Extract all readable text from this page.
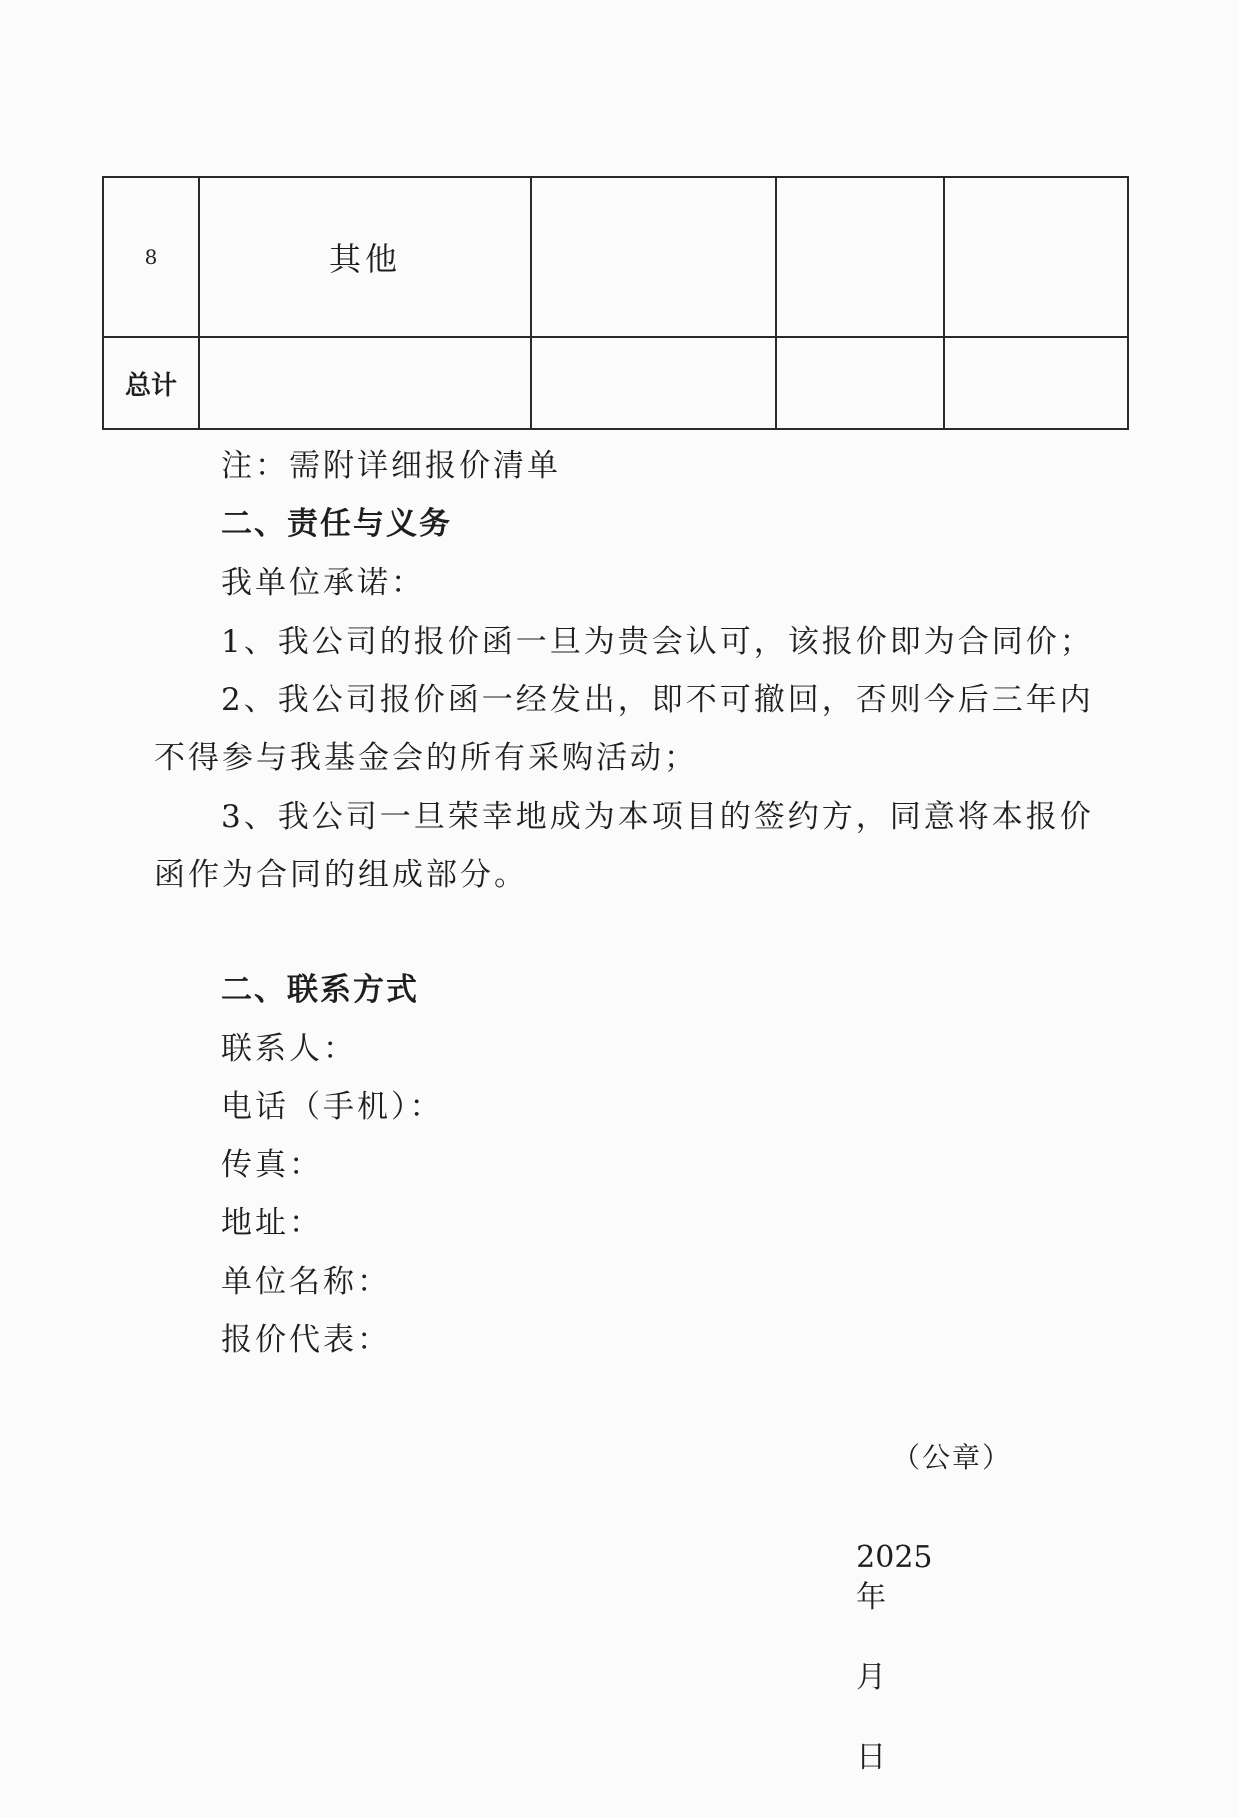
8	其他			
总计				
注：需附详细报价清单
二、责任与义务
我单位承诺：
1、我公司的报价函一旦为贵会认可，该报价即为合同价；
2、我公司报价函一经发出，即不可撤回，否则今后三年内
不得参与我基金会的所有采购活动；
3、我公司一旦荣幸地成为本项目的签约方，同意将本报价
函作为合同的组成部分。
二、联系方式
联系人：
电话（手机）：
传真：
地址：
单位名称：
报价代表：
（公章）

2025
年

月

日
